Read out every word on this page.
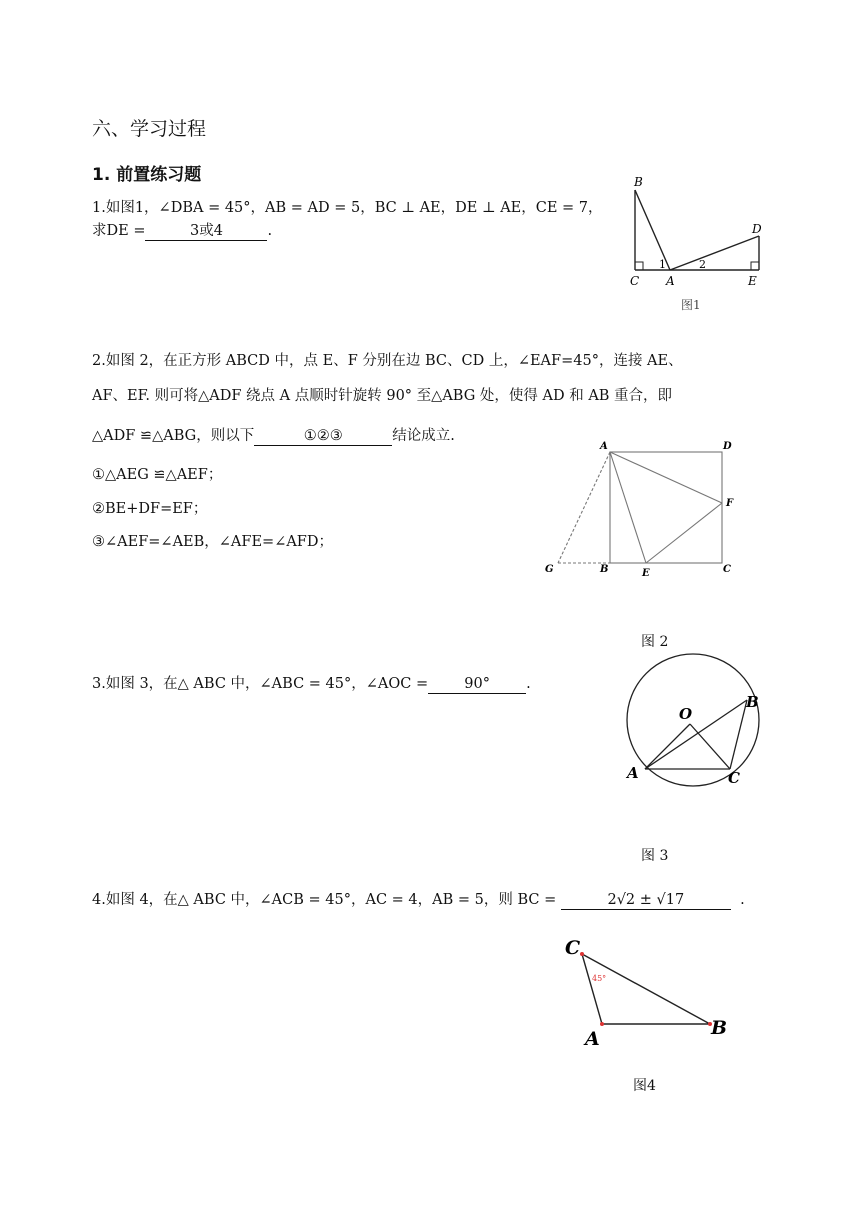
六、学习过程
1. 前置练习题
1.如图1，∠DBA = 45°，AB = AD = 5，BC ⊥ AE，DE ⊥ AE，CE = 7，
求DE =	3或4	.
B
C A
D
E
1	2
图1
2.如图 2，在正方形 ABCD 中，点 E、F 分别在边 BC、CD 上，∠EAF=45°，连接 AE、
AF、EF. 则可将△ADF 绕点 A 点顺时针旋转 90° 至△ABG 处，使得 AD 和 AB 重合，即
△ADF ≌△ABG，则以下	①②③	结论成立.
①△AEG ≌△AEF；
②BE+DF=EF；
③∠AEF=∠AEB，∠AFE=∠AFD；
A	D
F
G	B	E	C
图 2
3.如图 3，在△ ABC 中，∠ABC = 45°，∠AOC = 90° .
O
A
B
C
图 3
4.如图 4，在△ ABC 中，∠ACB = 45°，AC = 4，AB = 5，则 BC =	2√2 ± √17	.
C
A	B
45°
图4
